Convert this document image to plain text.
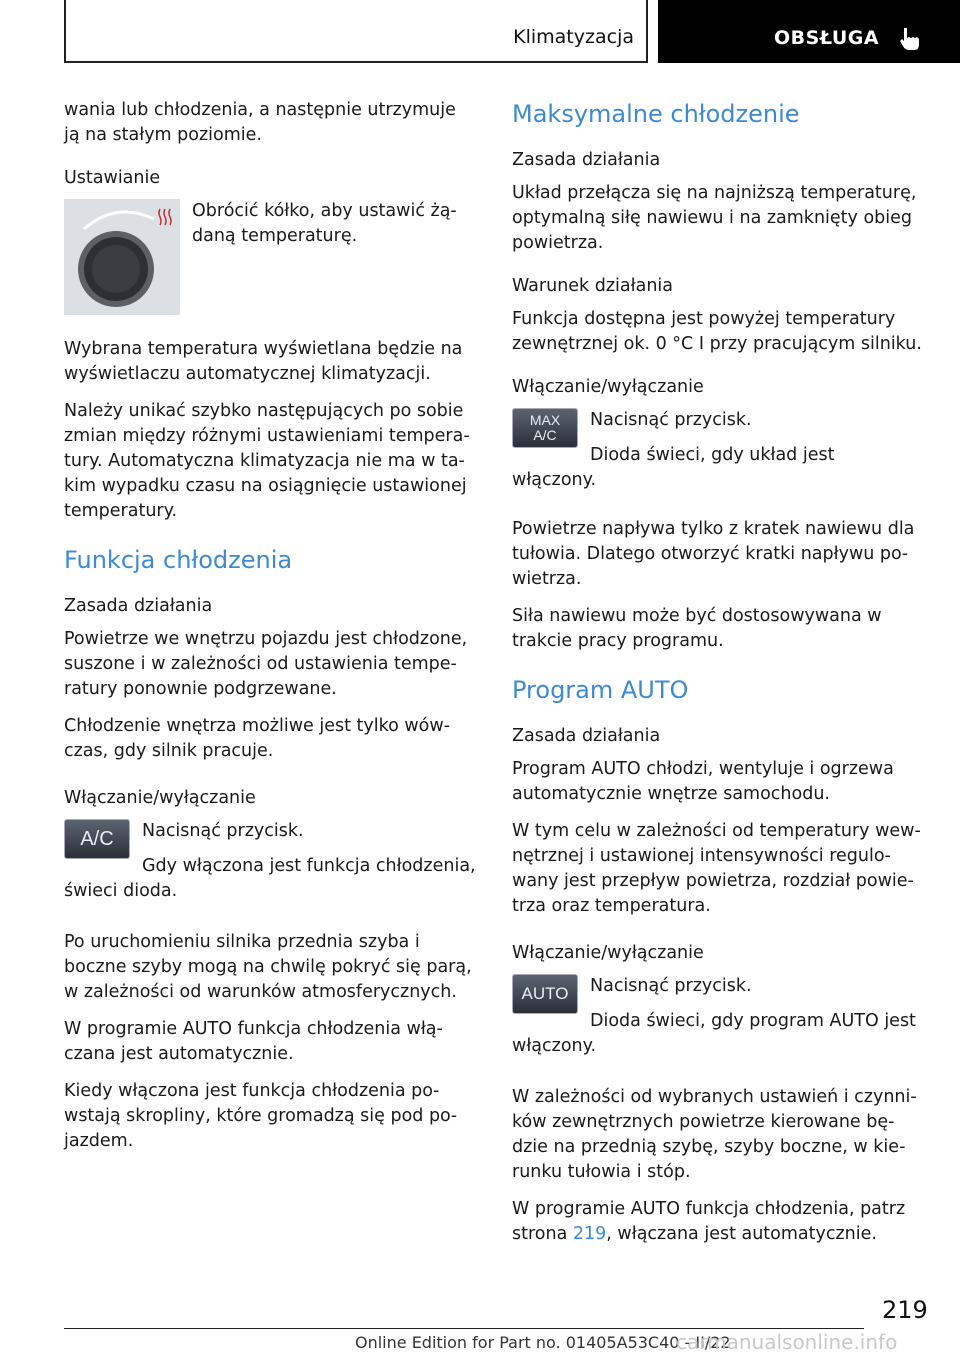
Klimatyzacja	OBSŁUGA

wania lub chłodzenia, a następnie utrzymuje ją na stałym poziomie.

Ustawianie

Obrócić kółko, aby ustawić żądaną temperaturę.

Wybrana temperatura wyświetlana będzie na wyświetlaczu automatycznej klimatyzacji.

Należy unikać szybko następujących po sobie zmian między różnymi ustawieniami temperatury. Automatyczna klimatyzacja nie ma w takim wypadku czasu na osiągnięcie ustawionej temperatury.

Funkcja chłodzenia
Zasada działania

Powietrze we wnętrzu pojazdu jest chłodzone, suszone i w zależności od ustawienia temperatury ponownie podgrzewane.

Chłodzenie wnętrza możliwe jest tylko wówczas, gdy silnik pracuje.

Włączanie/wyłączanie
A/C	Nacisnąć przycisk.

Gdy włączona jest funkcja chłodzenia, świeci dioda.

Po uruchomieniu silnika przednia szyba i boczne szyby mogą na chwilę pokryć się parą, w zależności od warunków atmosferycznych.

W programie AUTO funkcja chłodzenia włączana jest automatycznie.

Kiedy włączona jest funkcja chłodzenia powstają skropliny, które gromadzą się pod pojazdem.

Maksymalne chłodzenie
Zasada działania

Układ przełącza się na najniższą temperaturę, optymalną siłę nawiewu i na zamknięty obieg powietrza.

Warunek działania

Funkcja dostępna jest powyżej temperatury zewnętrznej ok. 0 °C I przy pracującym silniku.

Włączanie/wyłączanie
MAX
A/C

Nacisnąć przycisk.

Dioda świeci, gdy układ jest włączony.

Powietrze napływa tylko z kratek nawiewu dla tułowia. Dlatego otworzyć kratki napływu powietrza.

Siła nawiewu może być dostosowywana w trakcie pracy programu.

Program AUTO
Zasada działania

Program AUTO chłodzi, wentyluje i ogrzewa automatycznie wnętrze samochodu.

W tym celu w zależności od temperatury wewnętrznej i ustawionej intensywności regulowany jest przepływ powietrza, rozdział powietrza oraz temperatura.

Włączanie/wyłączanie
AUTO	Nacisnąć przycisk.

Dioda świeci, gdy program AUTO jest włączony.

W zależności od wybranych ustawień i czynników zewnętrznych powietrze kierowane będzie na przednią szybę, szyby boczne, w kierunku tułowia i stóp.

W programie AUTO funkcja chłodzenia, patrz strona 219, włączana jest automatycznie.

219
Online Edition for Part no. 01405A53C40 - II/22
carmanualsonline.info
